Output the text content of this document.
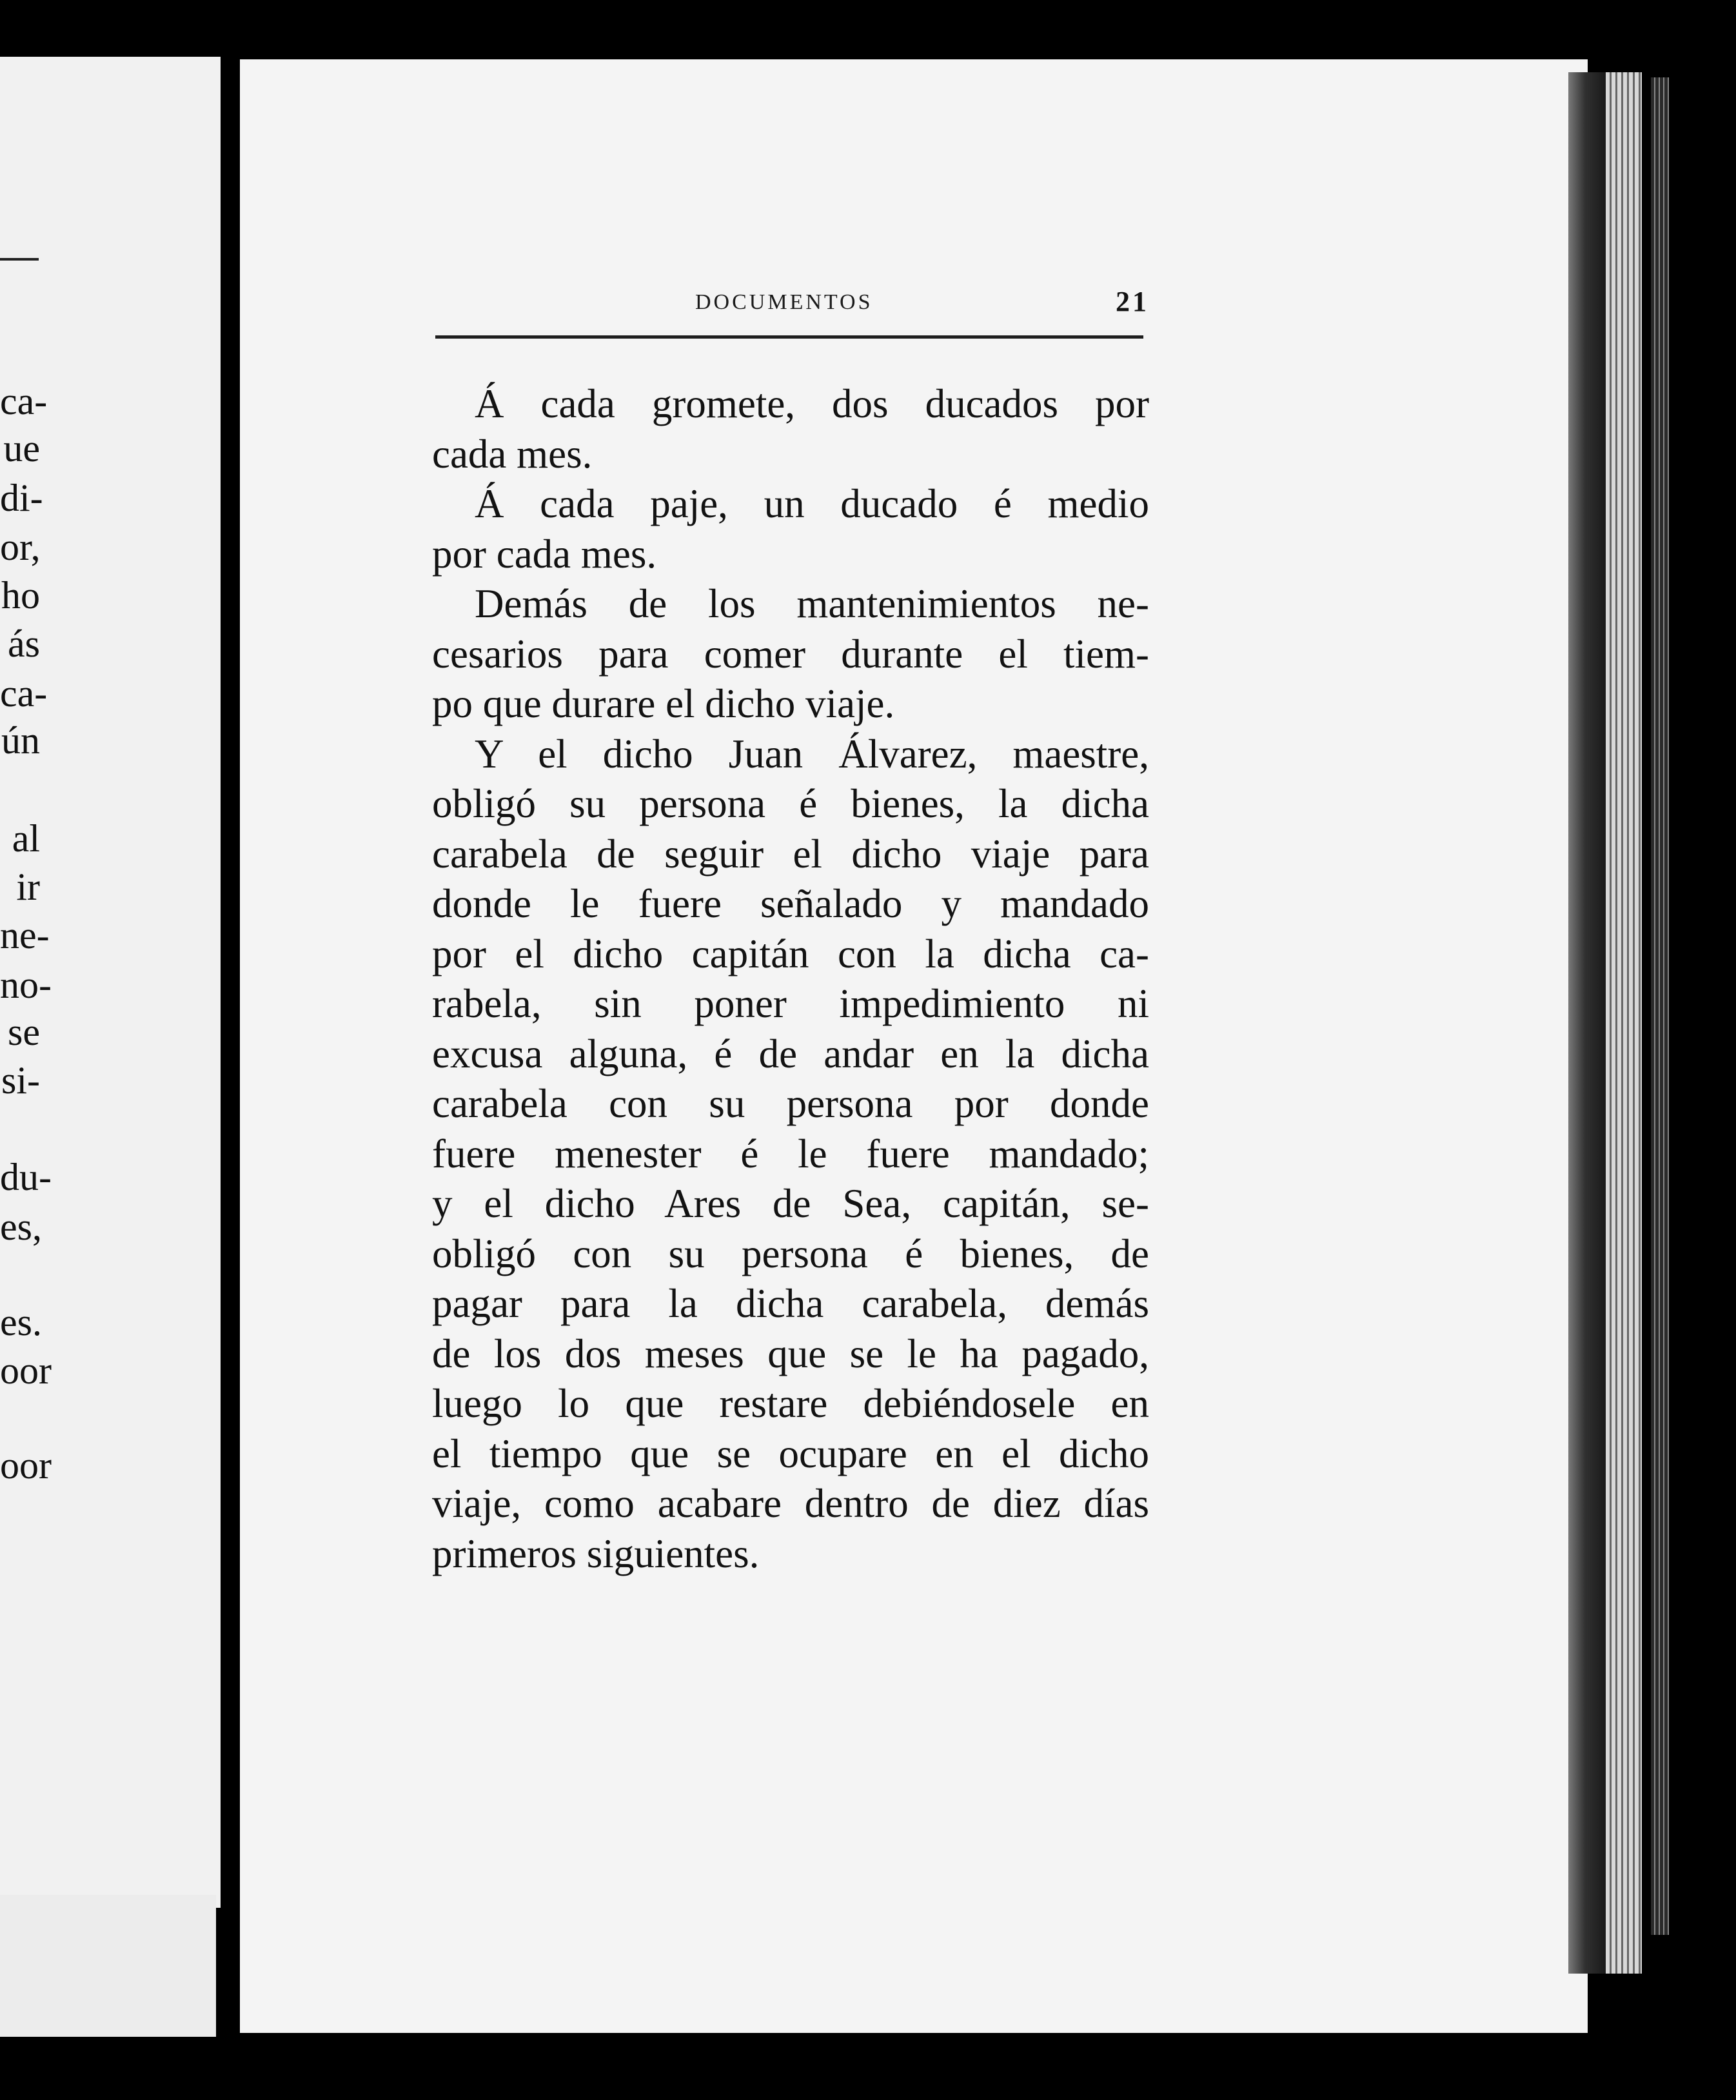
ca-
ue
di-
or,
ho
ás
ca-
ún
al
ir
ne-
no-
se
si-
du-
es,
es.
oor
oor
DOCUMENTOS	21
Á cada gromete, dos ducados por
cada mes.
Á cada paje, un ducado é medio
por cada mes.
Demás de los mantenimientos ne-
cesarios para comer durante el tiem-
po que durare el dicho viaje.
Y el dicho Juan Álvarez, maestre,
obligó su persona é bienes, la dicha
carabela de seguir el dicho viaje para
donde le fuere señalado y mandado
por el dicho capitán con la dicha ca-
rabela, sin poner impedimiento ni
excusa alguna, é de andar en la dicha
carabela con su persona por donde
fuere menester é le fuere mandado;
y el dicho Ares de Sea, capitán, se-
obligó con su persona é bienes, de
pagar para la dicha carabela, demás
de los dos meses que se le ha pagado,
luego lo que restare debiéndosele en
el tiempo que se ocupare en el dicho
viaje, como acabare dentro de diez días
primeros siguientes.
